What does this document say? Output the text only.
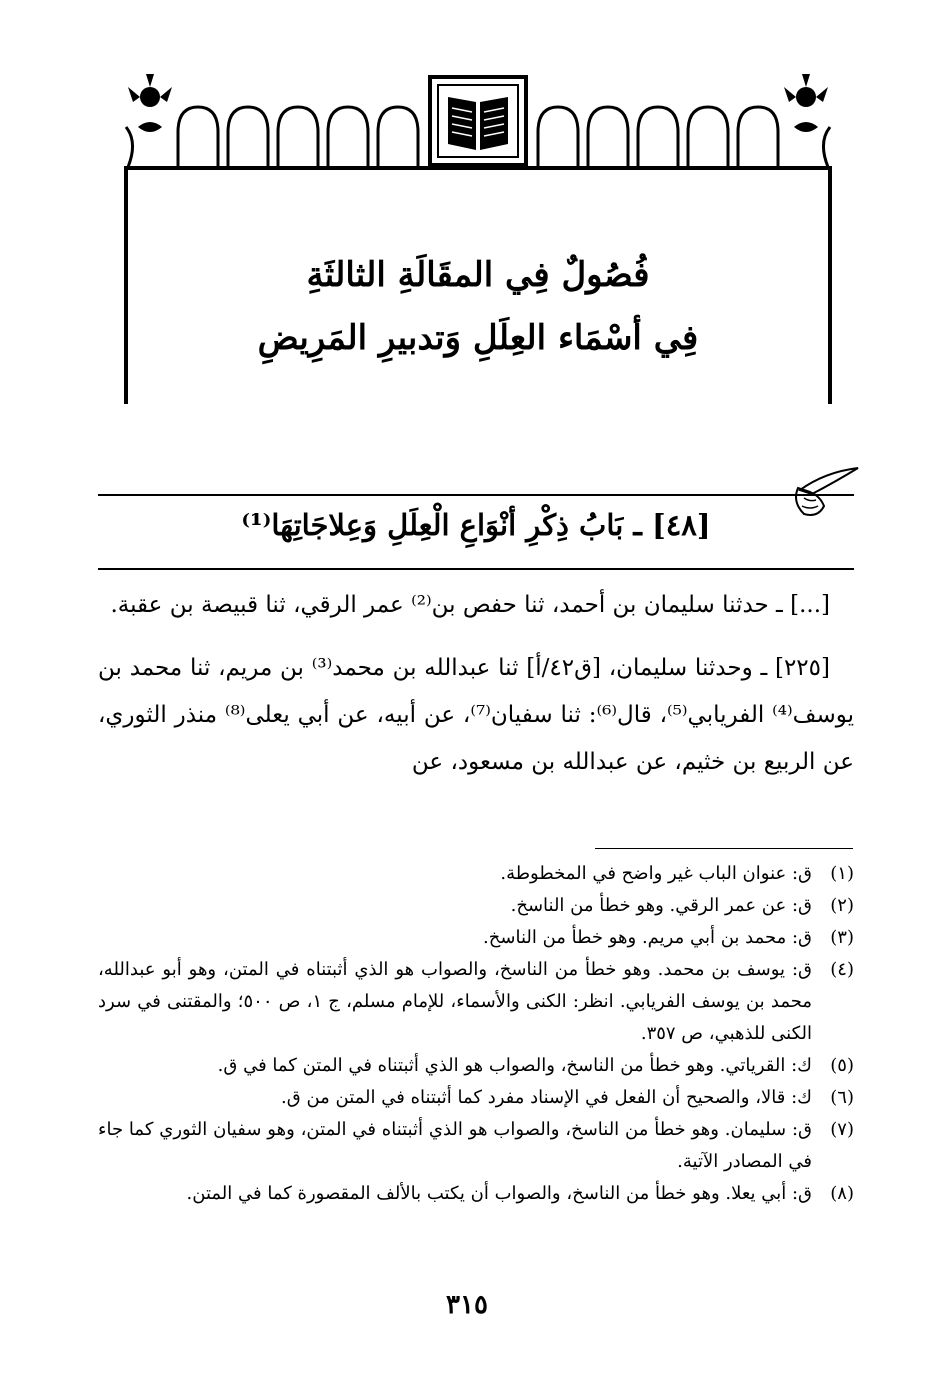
فُصُولٌ فِي المقَالَةِ الثالثَةِ
فِي أسْمَاء العِلَلِ وَتدبيرِ المَرِيضِ
[٤٨] ـ بَابُ ذِكْرِ أنْوَاعِ الْعِلَلِ وَعِلاجَاتِهَا⁽¹⁾

[...] ـ حدثنا سليمان بن أحمد، ثنا حفص بن⁽²⁾ عمر الرقي، ثنا قبيصة بن عقبة.

[٢٢٥] ـ وحدثنا سليمان، [ق٤٢/أ] ثنا عبدالله بن محمد⁽³⁾ بن مريم، ثنا محمد بن يوسف⁽⁴⁾ الفريابي⁽⁵⁾، قال⁽⁶⁾: ثنا سفيان⁽⁷⁾، عن أبيه، عن أبي يعلى⁽⁸⁾ منذر الثوري، عن الربيع بن خثيم، عن عبدالله بن مسعود، عن

(١)
ق: عنوان الباب غير واضح في المخطوطة.
(٢)
ق: عن عمر الرقي. وهو خطأ من الناسخ.
(٣)
ق: محمد بن أبي مريم. وهو خطأ من الناسخ.
(٤)
ق: يوسف بن محمد. وهو خطأ من الناسخ، والصواب هو الذي أثبتناه في المتن، وهو أبو عبدالله، محمد بن يوسف الفريابي. انظر: الكنى والأسماء، للإمام مسلم، ج ١، ص ٥٠٠؛ والمقتنى في سرد الكنى للذهبي، ص ٣٥٧.
(٥)
ك: القرياتي. وهو خطأ من الناسخ، والصواب هو الذي أثبتناه في المتن كما في ق.
(٦)
ك: قالا، والصحيح أن الفعل في الإسناد مفرد كما أثبتناه في المتن من ق.
(٧)
ق: سليمان. وهو خطأ من الناسخ، والصواب هو الذي أثبتناه في المتن، وهو سفيان الثوري كما جاء في المصادر الآتية.
(٨)
ق: أبي يعلا. وهو خطأ من الناسخ، والصواب أن يكتب بالألف المقصورة كما في المتن.
٣١٥
